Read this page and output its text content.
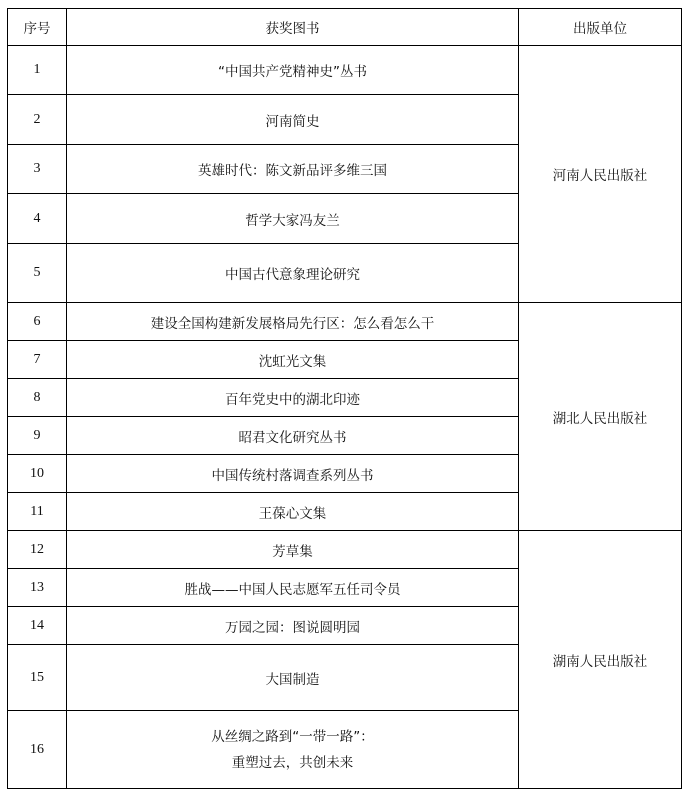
序号	获奖图书	出版单位
1	“中国共产党精神史”丛书	河南人民出版社
2	河南简史	
3	英雄时代：陈文新品评多维三国	
4	哲学大家冯友兰	
5	中国古代意象理论研究	
6	建设全国构建新发展格局先行区：怎么看怎么干	湖北人民出版社
7	沈虹光文集	
8	百年党史中的湖北印迹	
9	昭君文化研究丛书	
10	中国传统村落调查系列丛书	
11	王葆心文集	
12	芳草集	湖南人民出版社
13	胜战——中国人民志愿军五任司令员	
14	万园之园：图说圆明园	
15	大国制造	
16	从丝绸之路到“一带一路”：
重塑过去，共创未来	
